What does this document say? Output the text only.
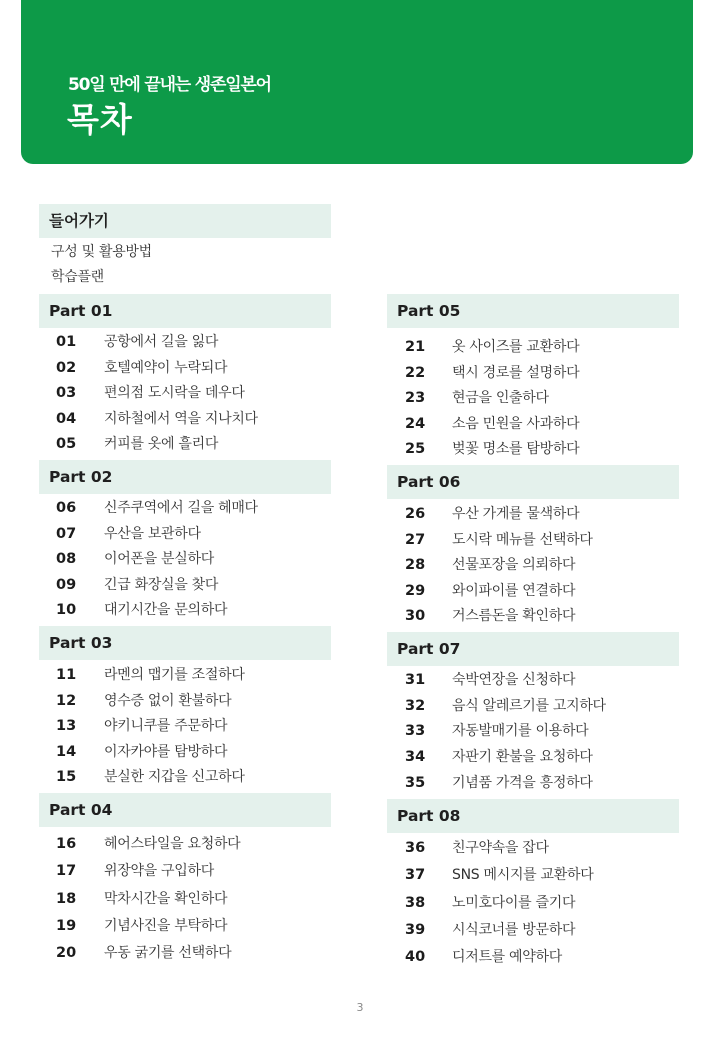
50일 만에 끝내는 생존일본어
목차
들어가기
구성 및 활용방법
학습플랜
Part 01
01	공항에서 길을 잃다
02	호텔예약이 누락되다
03	편의점 도시락을 데우다
04	지하철에서 역을 지나치다
05	커피를 옷에 흘리다
Part 02
06	신주쿠역에서 길을 헤매다
07	우산을 보관하다
08	이어폰을 분실하다
09	긴급 화장실을 찾다
10	대기시간을 문의하다
Part 03
11	라멘의 맵기를 조절하다
12	영수증 없이 환불하다
13	야키니쿠를 주문하다
14	이자카야를 탐방하다
15	분실한 지갑을 신고하다
Part 04
16	헤어스타일을 요청하다
17	위장약을 구입하다
18	막차시간을 확인하다
19	기념사진을 부탁하다
20	우동 굵기를 선택하다
Part 05
21	옷 사이즈를 교환하다
22	택시 경로를 설명하다
23	현금을 인출하다
24	소음 민원을 사과하다
25	벚꽃 명소를 탐방하다
Part 06
26	우산 가게를 물색하다
27	도시락 메뉴를 선택하다
28	선물포장을 의뢰하다
29	와이파이를 연결하다
30	거스름돈을 확인하다
Part 07
31	숙박연장을 신청하다
32	음식 알레르기를 고지하다
33	자동발매기를 이용하다
34	자판기 환불을 요청하다
35	기념품 가격을 흥정하다
Part 08
36	친구약속을 잡다
37	SNS 메시지를 교환하다
38	노미호다이를 즐기다
39	시식코너를 방문하다
40	디저트를 예약하다
3
